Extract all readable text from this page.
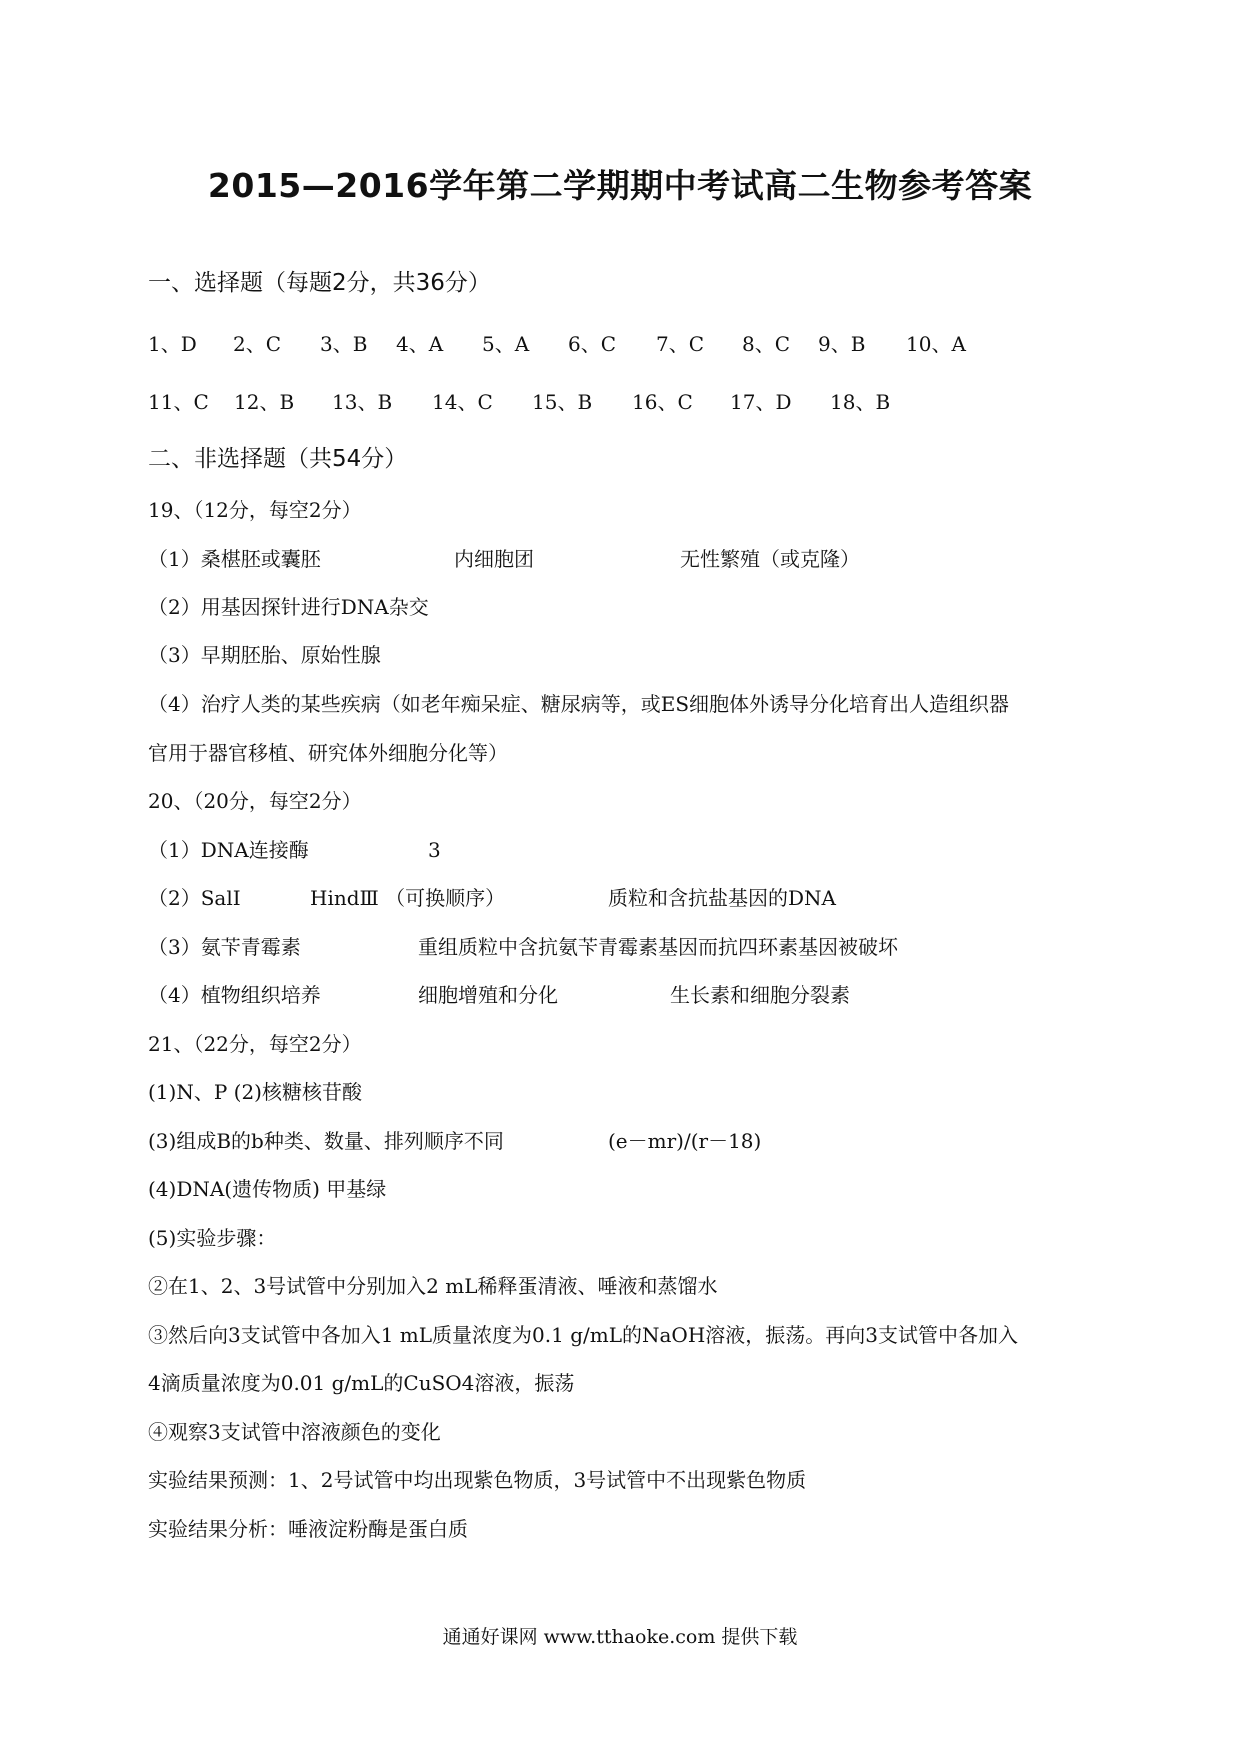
2015—2016学年第二学期期中考试高二生物参考答案
一、选择题（每题2分，共36分）
1、D 2、C 3、B 4、A 5、A 6、C 7、C 8、C 9、B 10、A
11、C 12、B 13、B 14、C 15、B 16、C 17、D 18、B
二、非选择题（共54分）
19、（12分，每空2分）
（1）桑椹胚或囊胚	内细胞团	无性繁殖（或克隆）
（2）用基因探针进行DNA杂交
（3）早期胚胎、原始性腺
（4）治疗人类的某些疾病（如老年痴呆症、糖尿病等，或ES细胞体外诱导分化培育出人造组织器
官用于器官移植、研究体外细胞分化等）
20、（20分，每空2分）
（1）DNA连接酶	3
（2）SalⅠ	HindⅢ （可换顺序）	质粒和含抗盐基因的DNA
（3）氨苄青霉素	重组质粒中含抗氨苄青霉素基因而抗四环素基因被破坏
（4）植物组织培养	细胞增殖和分化	生长素和细胞分裂素
21、（22分，每空2分）
(1)N、P (2)核糖核苷酸
(3)组成B的b种类、数量、排列顺序不同	(e－mr)/(r－18)
(4)DNA(遗传物质) 甲基绿
(5)实验步骤：
②在1、2、3号试管中分别加入2 mL稀释蛋清液、唾液和蒸馏水
③然后向3支试管中各加入1 mL质量浓度为0.1 g/mL的NaOH溶液，振荡。再向3支试管中各加入
4滴质量浓度为0.01 g/mL的CuSO4溶液，振荡
④观察3支试管中溶液颜色的变化
实验结果预测：1、2号试管中均出现紫色物质，3号试管中不出现紫色物质
实验结果分析：唾液淀粉酶是蛋白质
通通好课网 www.tthaoke.com 提供下载
